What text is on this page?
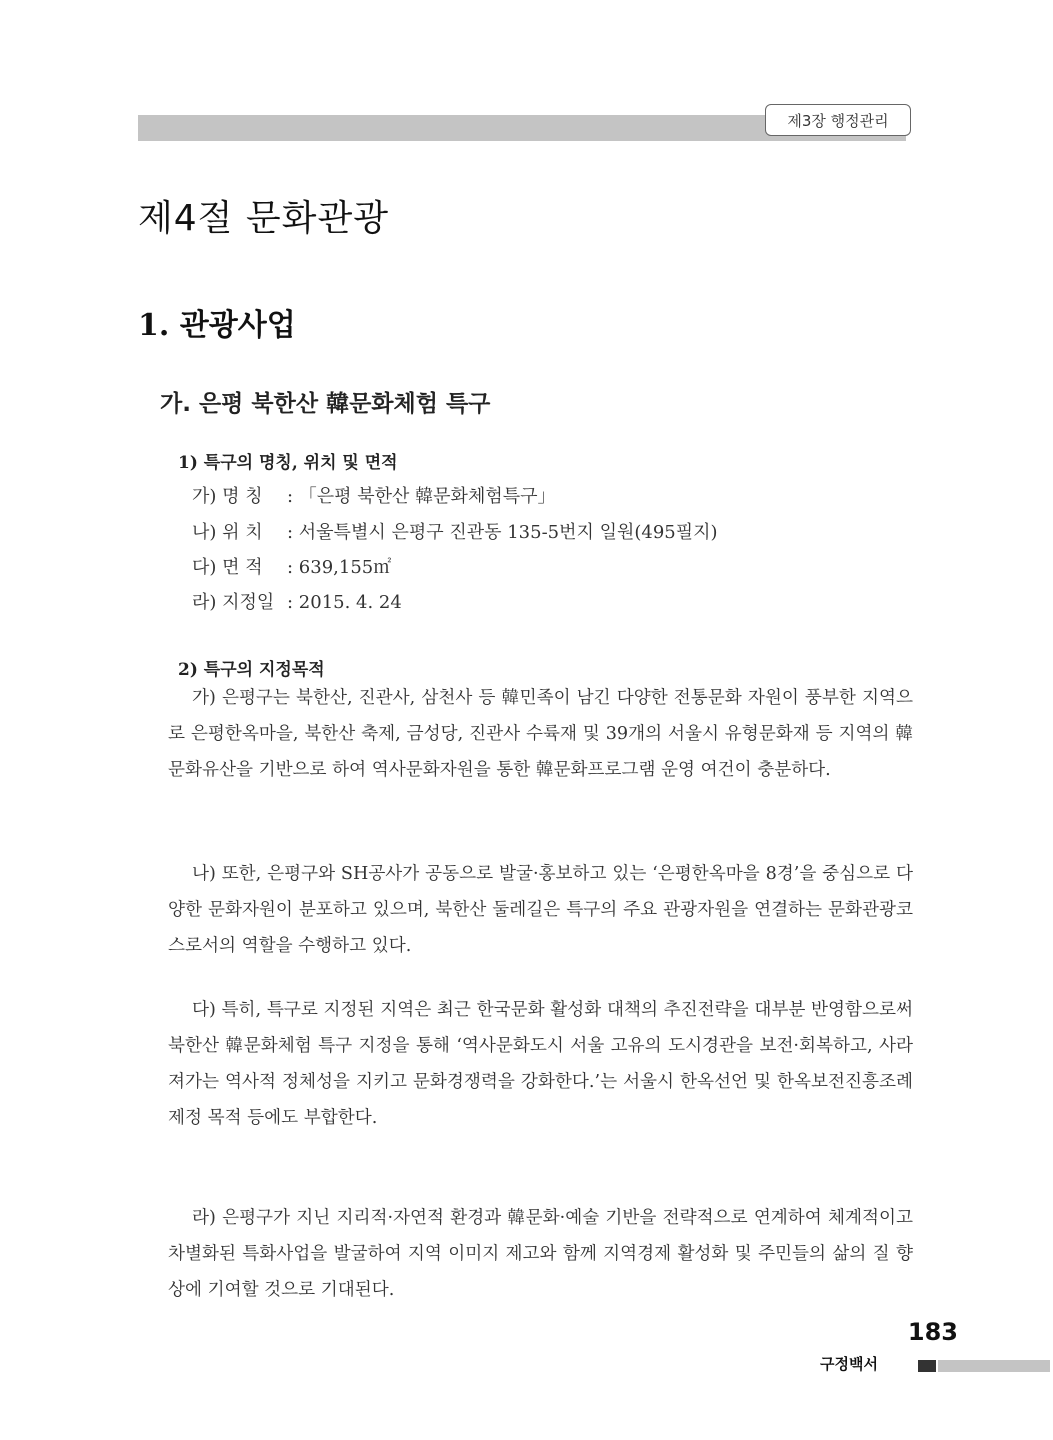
제3장 행정관리
제4절 문화관광
1. 관광사업
가. 은평 북한산 韓문화체험 특구
1) 특구의 명칭, 위치 및 면적
가) 명 칭 : 「은평 북한산 韓문화체험특구」
나) 위 치 : 서울특별시 은평구 진관동 135-5번지 일원(495필지)
다) 면 적 : 639,155㎡
라) 지정일 : 2015. 4. 24
2) 특구의 지정목적

가) 은평구는 북한산, 진관사, 삼천사 등 韓민족이 남긴 다양한 전통문화 자원이 풍부한 지역으로 은평한옥마을, 북한산 축제, 금성당, 진관사 수륙재 및 39개의 서울시 유형문화재 등 지역의 韓문화유산을 기반으로 하여 역사문화자원을 통한 韓문화프로그램 운영 여건이 충분하다.

나) 또한, 은평구와 SH공사가 공동으로 발굴·홍보하고 있는 ‘은평한옥마을 8경’을 중심으로 다양한 문화자원이 분포하고 있으며, 북한산 둘레길은 특구의 주요 관광자원을 연결하는 문화관광코스로서의 역할을 수행하고 있다.

다) 특히, 특구로 지정된 지역은 최근 한국문화 활성화 대책의 추진전략을 대부분 반영함으로써 북한산 韓문화체험 특구 지정을 통해 ‘역사문화도시 서울 고유의 도시경관을 보전·회복하고, 사라져가는 역사적 정체성을 지키고 문화경쟁력을 강화한다.’는 서울시 한옥선언 및 한옥보전진흥조례 제정 목적 등에도 부합한다.

라) 은평구가 지닌 지리적·자연적 환경과 韓문화·예술 기반을 전략적으로 연계하여 체계적이고 차별화된 특화사업을 발굴하여 지역 이미지 제고와 함께 지역경제 활성화 및 주민들의 삶의 질 향상에 기여할 것으로 기대된다.

183
구정백서
